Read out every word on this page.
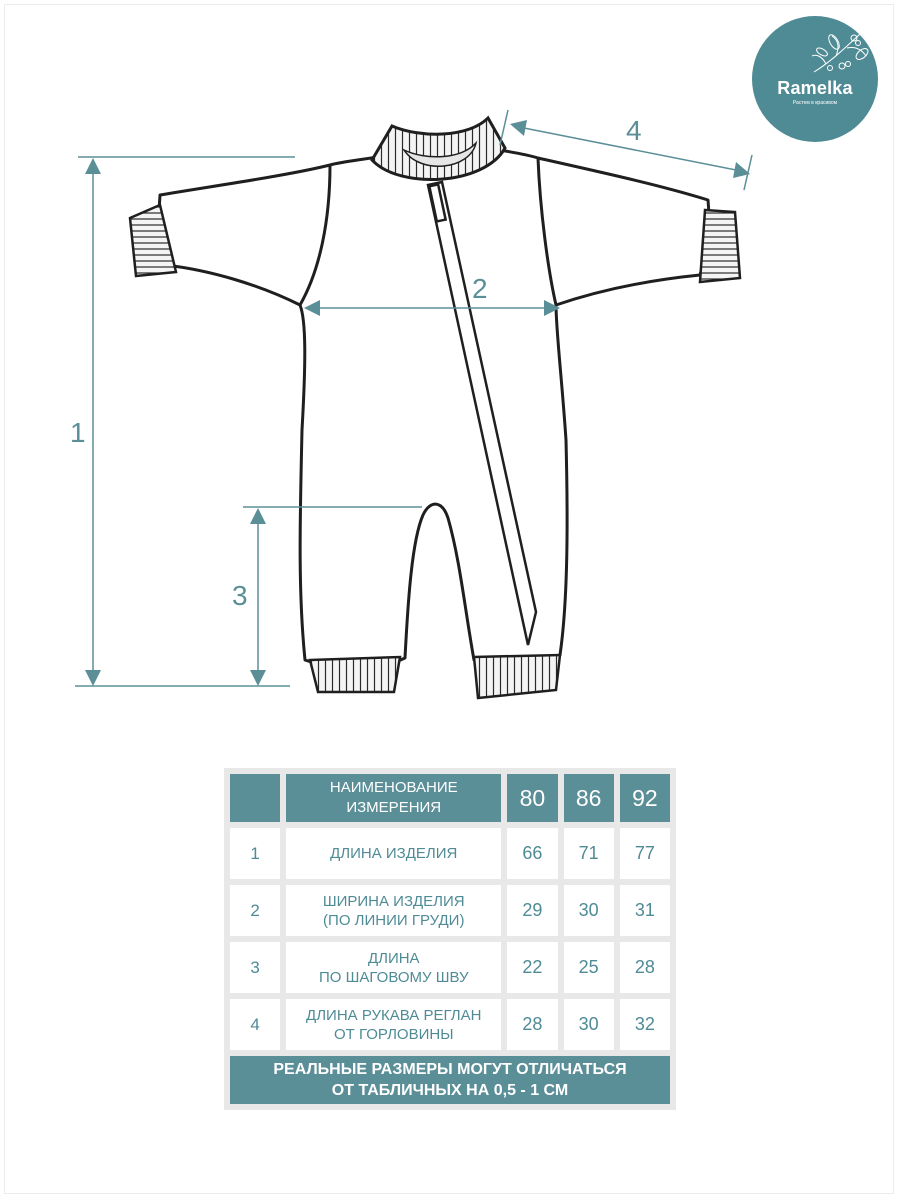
1
2
3
4
Ramelka
Растем в красивом

	НАИМЕНОВАНИЕ
ИЗМЕРЕНИЯ	80	86	92
1	ДЛИНА ИЗДЕЛИЯ	66	71	77
2	ШИРИНА ИЗДЕЛИЯ
(ПО ЛИНИИ ГРУДИ)	29	30	31
3	ДЛИНА
ПО ШАГОВОМУ ШВУ	22	25	28
4	ДЛИНА РУКАВА РЕГЛАН
ОТ ГОРЛОВИНЫ	28	30	32

РЕАЛЬНЫЕ РАЗМЕРЫ МОГУТ ОТЛИЧАТЬСЯ
ОТ ТАБЛИЧНЫХ НА 0,5 - 1 СМ				
